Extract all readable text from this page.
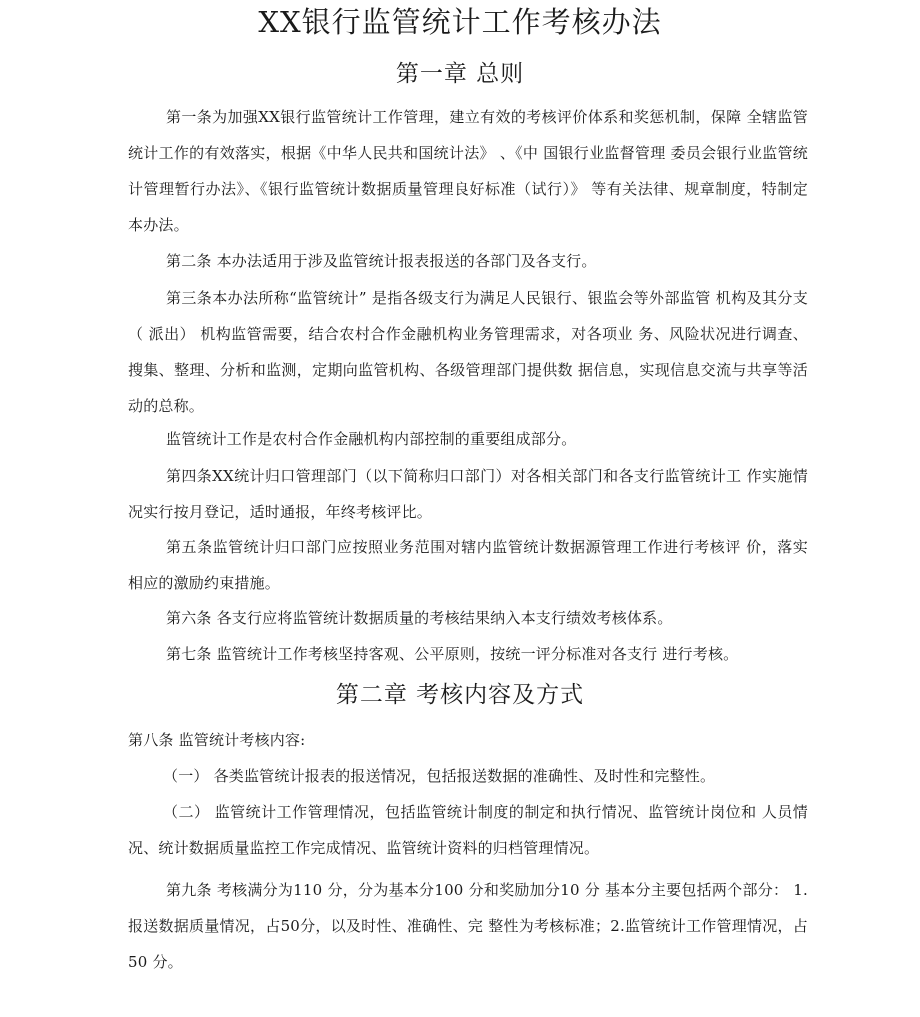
XX银行监管统计工作考核办法
第一章 总则

第一条为加强XX银行监管统计工作管理，建立有效的考核评价体系和奖惩机制，保障 全辖监管统计工作的有效落实，根据《中华人民共和国统计法》 、《中 国银行业监督管理 委员会银行业监管统计管理暂行办法》、《银行监管统计数据质量管理良好标准（试行）》 等有关法律、规章制度，特制定本办法。

第二条 本办法适用于涉及监管统计报表报送的各部门及各支行。

第三条本办法所称“监管统计” 是指各级支行为满足人民银行、银监会等外部监管 机构及其分支（ 派出） 机构监管需要，结合农村合作金融机构业务管理需求，对各项业 务、风险状况进行调查、搜集、整理、分析和监测，定期向监管机构、各级管理部门提供数 据信息，实现信息交流与共享等活动的总称。

监管统计工作是农村合作金融机构内部控制的重要组成部分。

第四条XX统计归口管理部门（以下简称归口部门）对各相关部门和各支行监管统计工 作实施情况实行按月登记，适时通报，年终考核评比。

第五条监管统计归口部门应按照业务范围对辖内监管统计数据源管理工作进行考核评 价，落实相应的激励约束措施。

第六条 各支行应将监管统计数据质量的考核结果纳入本支行绩效考核体系。

第七条 监管统计工作考核坚持客观、公平原则，按统一评分标准对各支行 进行考核。

第二章 考核内容及方式

第八条 监管统计考核内容:

（一） 各类监管统计报表的报送情况，包括报送数据的准确性、及时性和完整性。

（二） 监管统计工作管理情况，包括监管统计制度的制定和执行情况、监管统计岗位和 人员情况、统计数据质量监控工作完成情况、监管统计资料的归档管理情况。

第九条 考核满分为110 分，分为基本分100 分和奖励加分10 分 基本分主要包括两个部分： 1.报送数据质量情况，占50分，以及时性、准确性、完 整性为考核标准；2.监管统计工作管理情况，占50 分。
